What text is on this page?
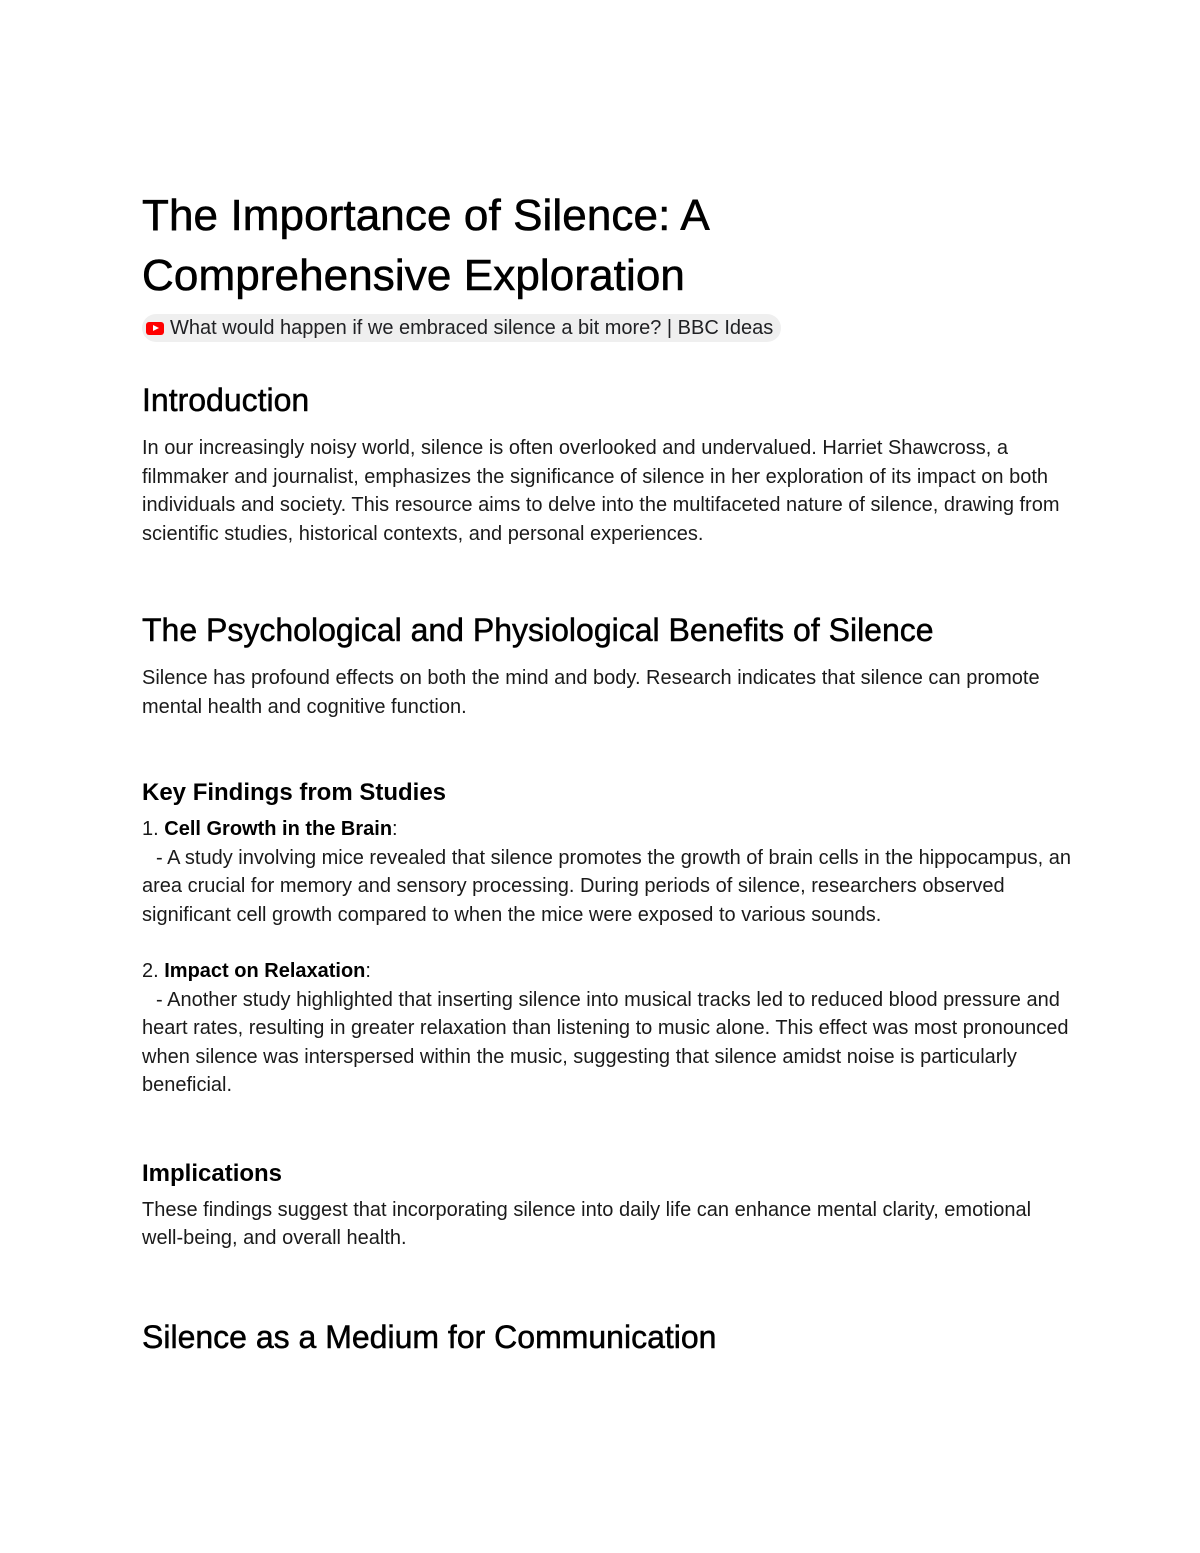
The Importance of Silence: A
Comprehensive Exploration
What would happen if we embraced silence a bit more? | BBC Ideas
Introduction

In our increasingly noisy world, silence is often overlooked and undervalued. Harriet Shawcross, a filmmaker and journalist, emphasizes the significance of silence in her exploration of its impact on both individuals and society. This resource aims to delve into the multifaceted nature of silence, drawing from scientific studies, historical contexts, and personal experiences.

The Psychological and Physiological Benefits of Silence

Silence has profound effects on both the mind and body. Research indicates that silence can promote mental health and cognitive function.

Key Findings from Studies

1. Cell Growth in the Brain:

- A study involving mice revealed that silence promotes the growth of brain cells in the hippocampus, an area crucial for memory and sensory processing. During periods of silence, researchers observed significant cell growth compared to when the mice were exposed to various sounds.

2. Impact on Relaxation:

- Another study highlighted that inserting silence into musical tracks led to reduced blood pressure and heart rates, resulting in greater relaxation than listening to music alone. This effect was most pronounced when silence was interspersed within the music, suggesting that silence amidst noise is particularly beneficial.

Implications

These findings suggest that incorporating silence into daily life can enhance mental clarity, emotional well-being, and overall health.

Silence as a Medium for Communication
